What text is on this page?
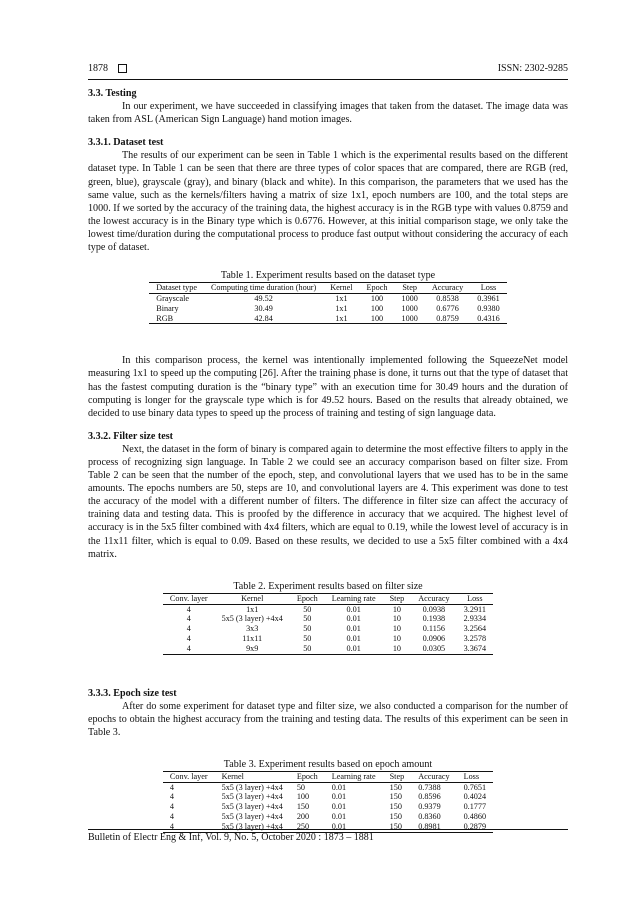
1878	ISSN: 2302-9285
3.3. Testing

In our experiment, we have succeeded in classifying images that taken from the dataset. The image data was taken from ASL (American Sign Language) hand motion images.

3.3.1. Dataset test

The results of our experiment can be seen in Table 1 which is the experimental results based on the different dataset type. In Table 1 can be seen that there are three types of color spaces that are compared, there are RGB (red, green, blue), grayscale (gray), and binary (black and white). In this comparison, the parameters that we used has the same value, such as the kernels/filters having a matrix of size 1x1, epoch numbers are 100, and the total steps are 1000. If we sorted by the accuracy of the training data, the highest accuracy is in the RGB type with values 0.8759 and the lowest accuracy is in the Binary type which is 0.6776. However, at this initial comparison stage, we only take the lowest time/duration during the computational process to produce fast output without considering the accuracy of each type of dataset.

Table 1. Experiment results based on the dataset type
Dataset type	Computing time duration (hour)	Kernel	Epoch	Step	Accuracy	Loss
Grayscale	49.52	1x1	100	1000	0.8538	0.3961
Binary	30.49	1x1	100	1000	0.6776	0.9380
RGB	42.84	1x1	100	1000	0.8759	0.4316

In this comparison process, the kernel was intentionally implemented following the SqueezeNet model measuring 1x1 to speed up the computing [26]. After the training phase is done, it turns out that the type of dataset that has the fastest computing duration is the “binary type” with an execution time for 30.49 hours and the duration of computing is longer for the grayscale type which is for 49.52 hours. Based on the results that already obtained, we decided to use binary data types to speed up the process of training and testing of sign language data.

3.3.2. Filter size test

Next, the dataset in the form of binary is compared again to determine the most effective filters to apply in the process of recognizing sign language. In Table 2 we could see an accuracy comparison based on filter size. From Table 2 can be seen that the number of the epoch, step, and convolutional layers that we used has to be in the same amounts. The epochs numbers are 50, steps are 10, and convolutional layers are 4. This experiment was done to test the accuracy of the model with a different number of filters. The difference in filter size can affect the accuracy of training data and testing data. This is proofed by the difference in accuracy that we acquired. The highest level of accuracy is in the 5x5 filter combined with 4x4 filters, which are equal to 0.19, while the lowest level of accuracy is in the 11x11 filter, which is equal to 0.09. Based on these results, we decided to use a 5x5 filter combined with a 4x4 matrix.

Table 2. Experiment results based on filter size
Conv. layer	Kernel	Epoch	Learning rate	Step	Accuracy	Loss
4	1x1	50	0.01	10	0.0938	3.2911
4	5x5 (3 layer) +4x4	50	0.01	10	0.1938	2.9334
4	3x3	50	0.01	10	0.1156	3.2564
4	11x11	50	0.01	10	0.0906	3.2578
4	9x9	50	0.01	10	0.0305	3.3674
3.3.3. Epoch size test

After do some experiment for dataset type and filter size, we also conducted a comparison for the number of epochs to obtain the highest accuracy from the training and testing data. The results of this experiment can be seen in Table 3.

Table 3. Experiment results based on epoch amount
Conv. layer	Kernel	Epoch	Learning rate	Step	Accuracy	Loss
4	5x5 (3 layer) +4x4	50	0.01	150	0.7388	0.7651
4	5x5 (3 layer) +4x4	100	0.01	150	0.8596	0.4024
4	5x5 (3 layer) +4x4	150	0.01	150	0.9379	0.1777
4	5x5 (3 layer) +4x4	200	0.01	150	0.8360	0.4860
4	5x5 (3 layer) +4x4	250	0.01	150	0.8981	0.2879
Bulletin of Electr Eng & Inf, Vol. 9, No. 5, October 2020 : 1873 – 1881
